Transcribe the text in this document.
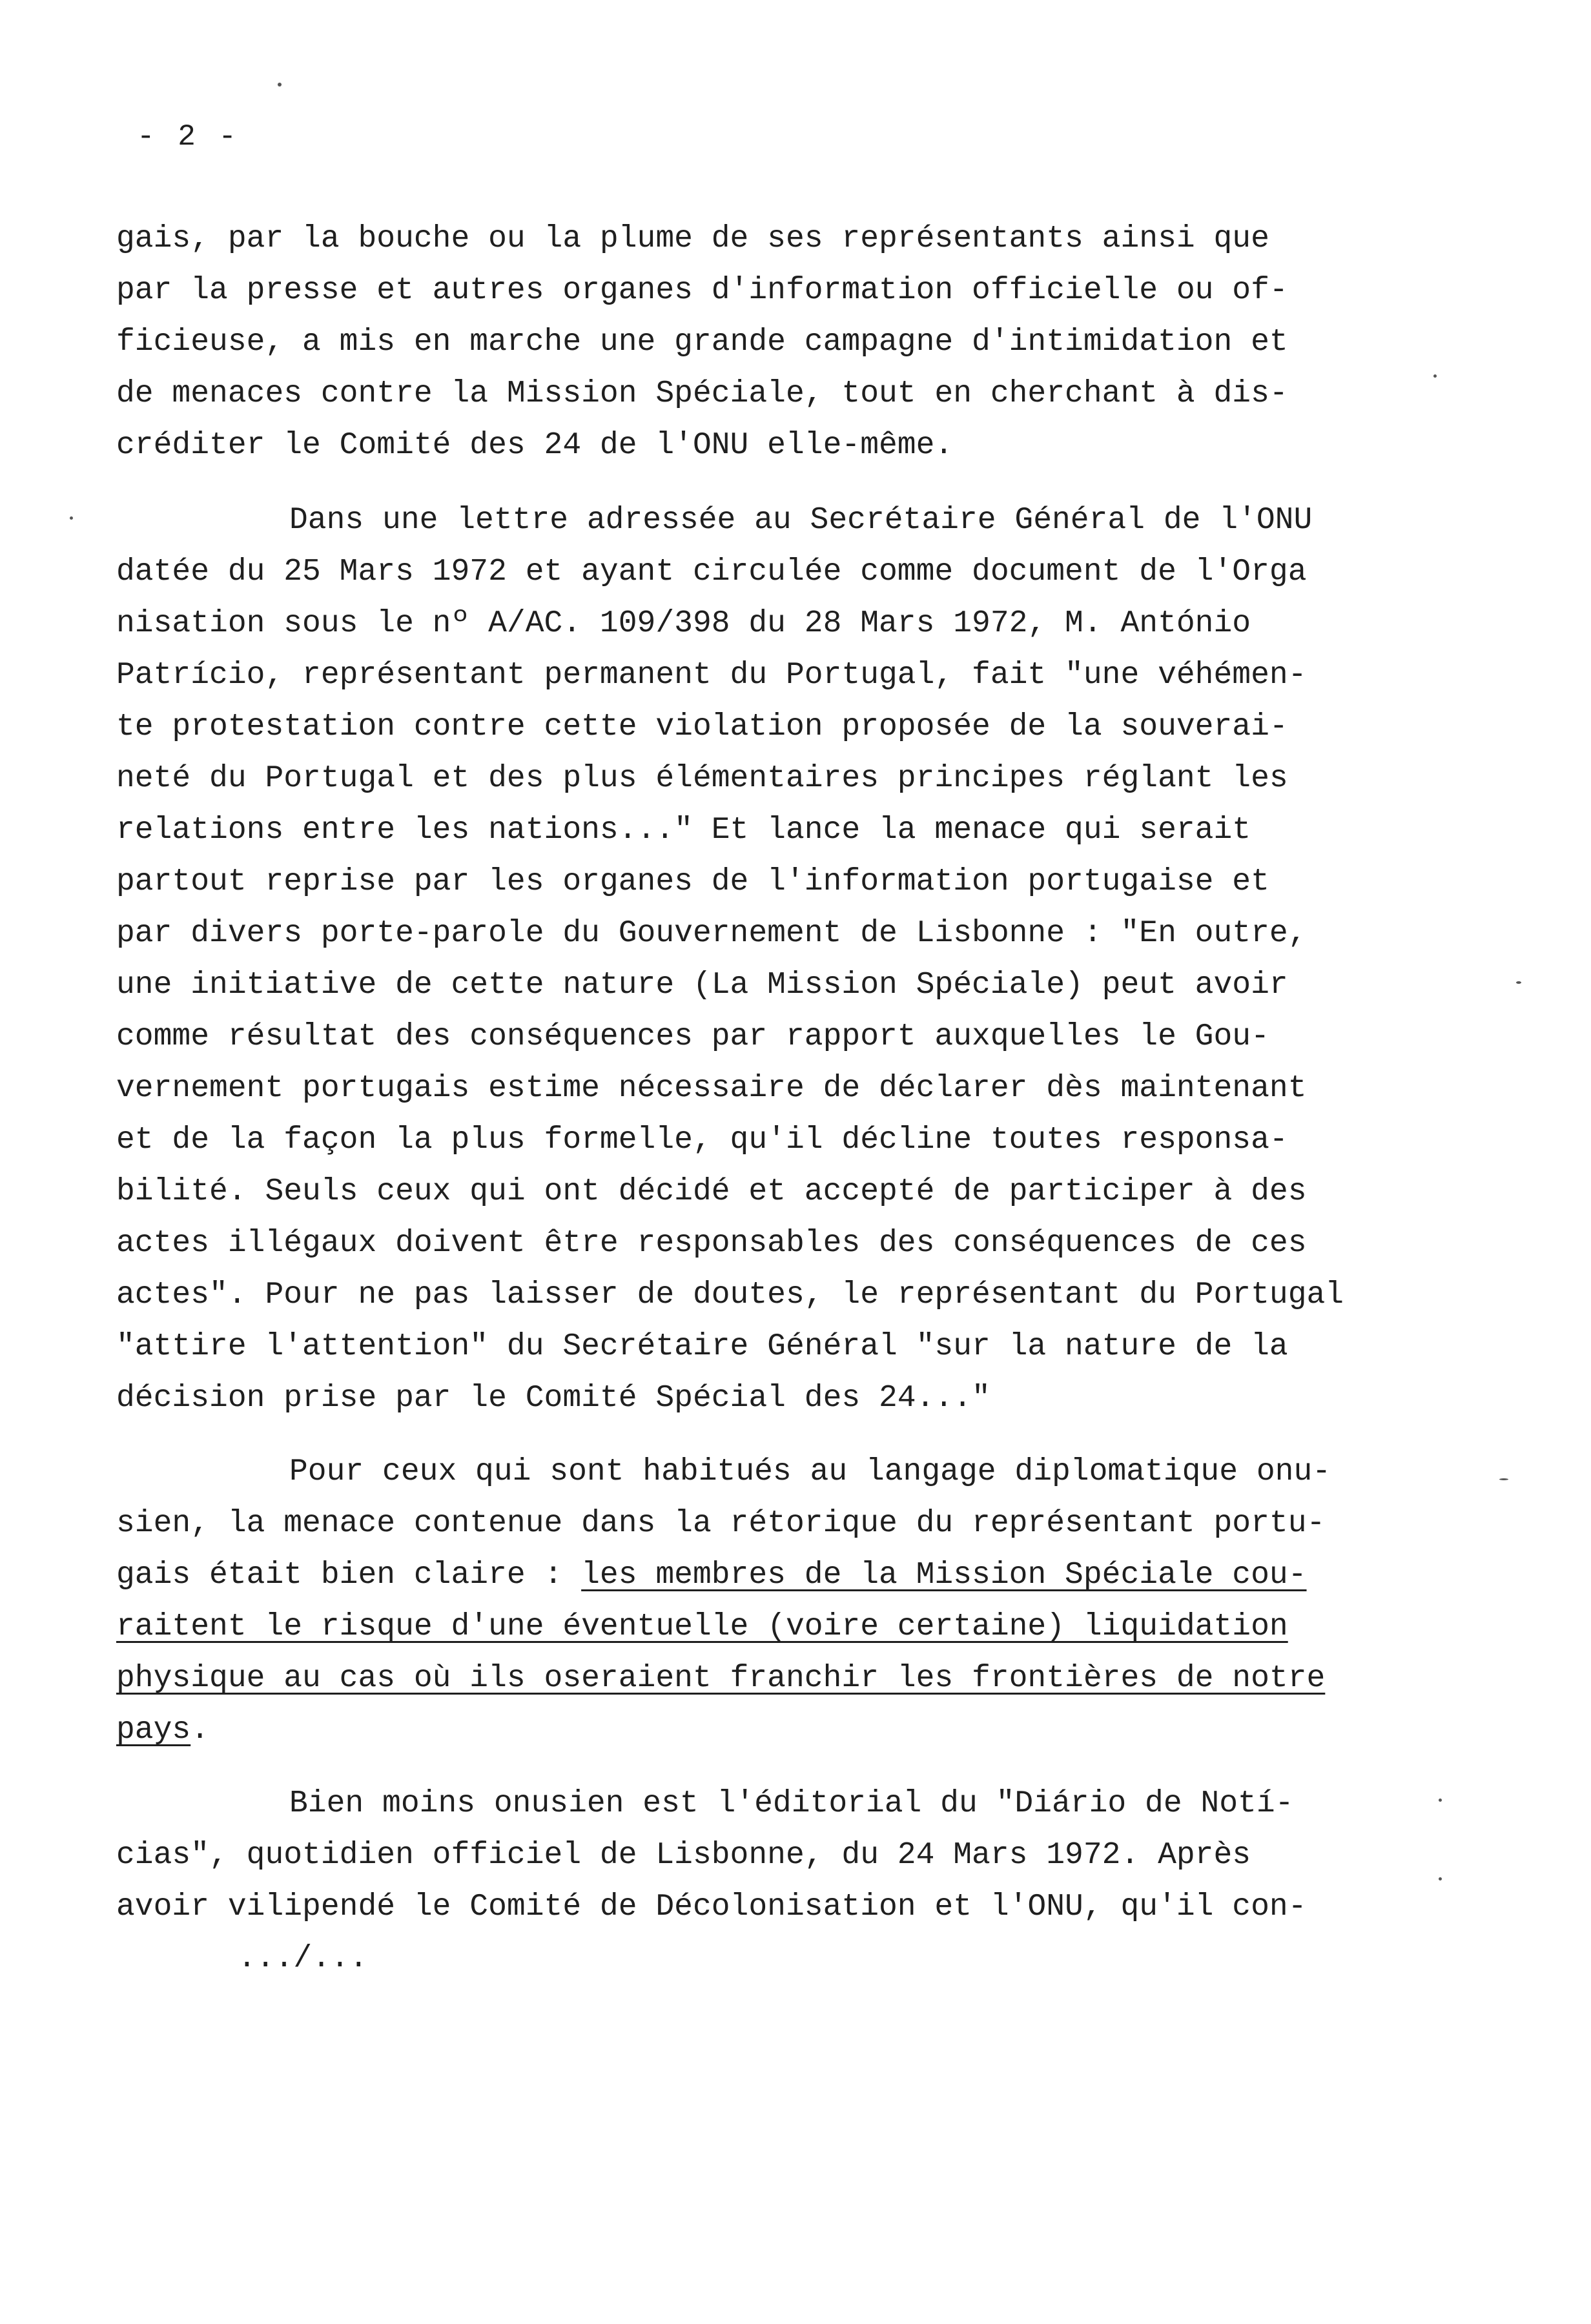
- 2 -
gais, par la bouche ou la plume de ses représentants ainsi que
par la presse et autres organes d'information officielle ou of-
ficieuse, a mis en marche une grande campagne d'intimidation et
de menaces contre la Mission Spéciale, tout en cherchant à dis-
créditer le Comité des 24 de l'ONU elle-même.
Dans une lettre adressée au Secrétaire Général de l'ONU
datée du 25 Mars 1972 et ayant circulée comme document de l'Orga
nisation sous le nº A/AC. 109/398 du 28 Mars 1972, M. António
Patrício, représentant permanent du Portugal, fait "une véhémen-
te protestation contre cette violation proposée de la souverai-
neté du Portugal et des plus élémentaires principes réglant les
relations entre les nations..." Et lance la menace qui serait
partout reprise par les organes de l'information portugaise et
par divers porte-parole du Gouvernement de Lisbonne : "En outre,
une initiative de cette nature (La Mission Spéciale) peut avoir
comme résultat des conséquences par rapport auxquelles le Gou-
vernement portugais estime nécessaire de déclarer dès maintenant
et de la façon la plus formelle, qu'il décline toutes responsa-
bilité. Seuls ceux qui ont décidé et accepté de participer à des
actes illégaux doivent être responsables des conséquences de ces
actes". Pour ne pas laisser de doutes, le représentant du Portugal
"attire l'attention" du Secrétaire Général "sur la nature de la
décision prise par le Comité Spécial des 24..."
Pour ceux qui sont habitués au langage diplomatique onu-
sien, la menace contenue dans la rétorique du représentant portu-
gais était bien claire : les membres de la Mission Spéciale cou-
raitent le risque d'une éventuelle (voire certaine) liquidation
physique au cas où ils oseraient franchir les frontières de notre
pays.
Bien moins onusien est l'éditorial du "Diário de Notí-
cias", quotidien officiel de Lisbonne, du 24 Mars 1972. Après
avoir vilipendé le Comité de Décolonisation et l'ONU, qu'il con-
.../...
